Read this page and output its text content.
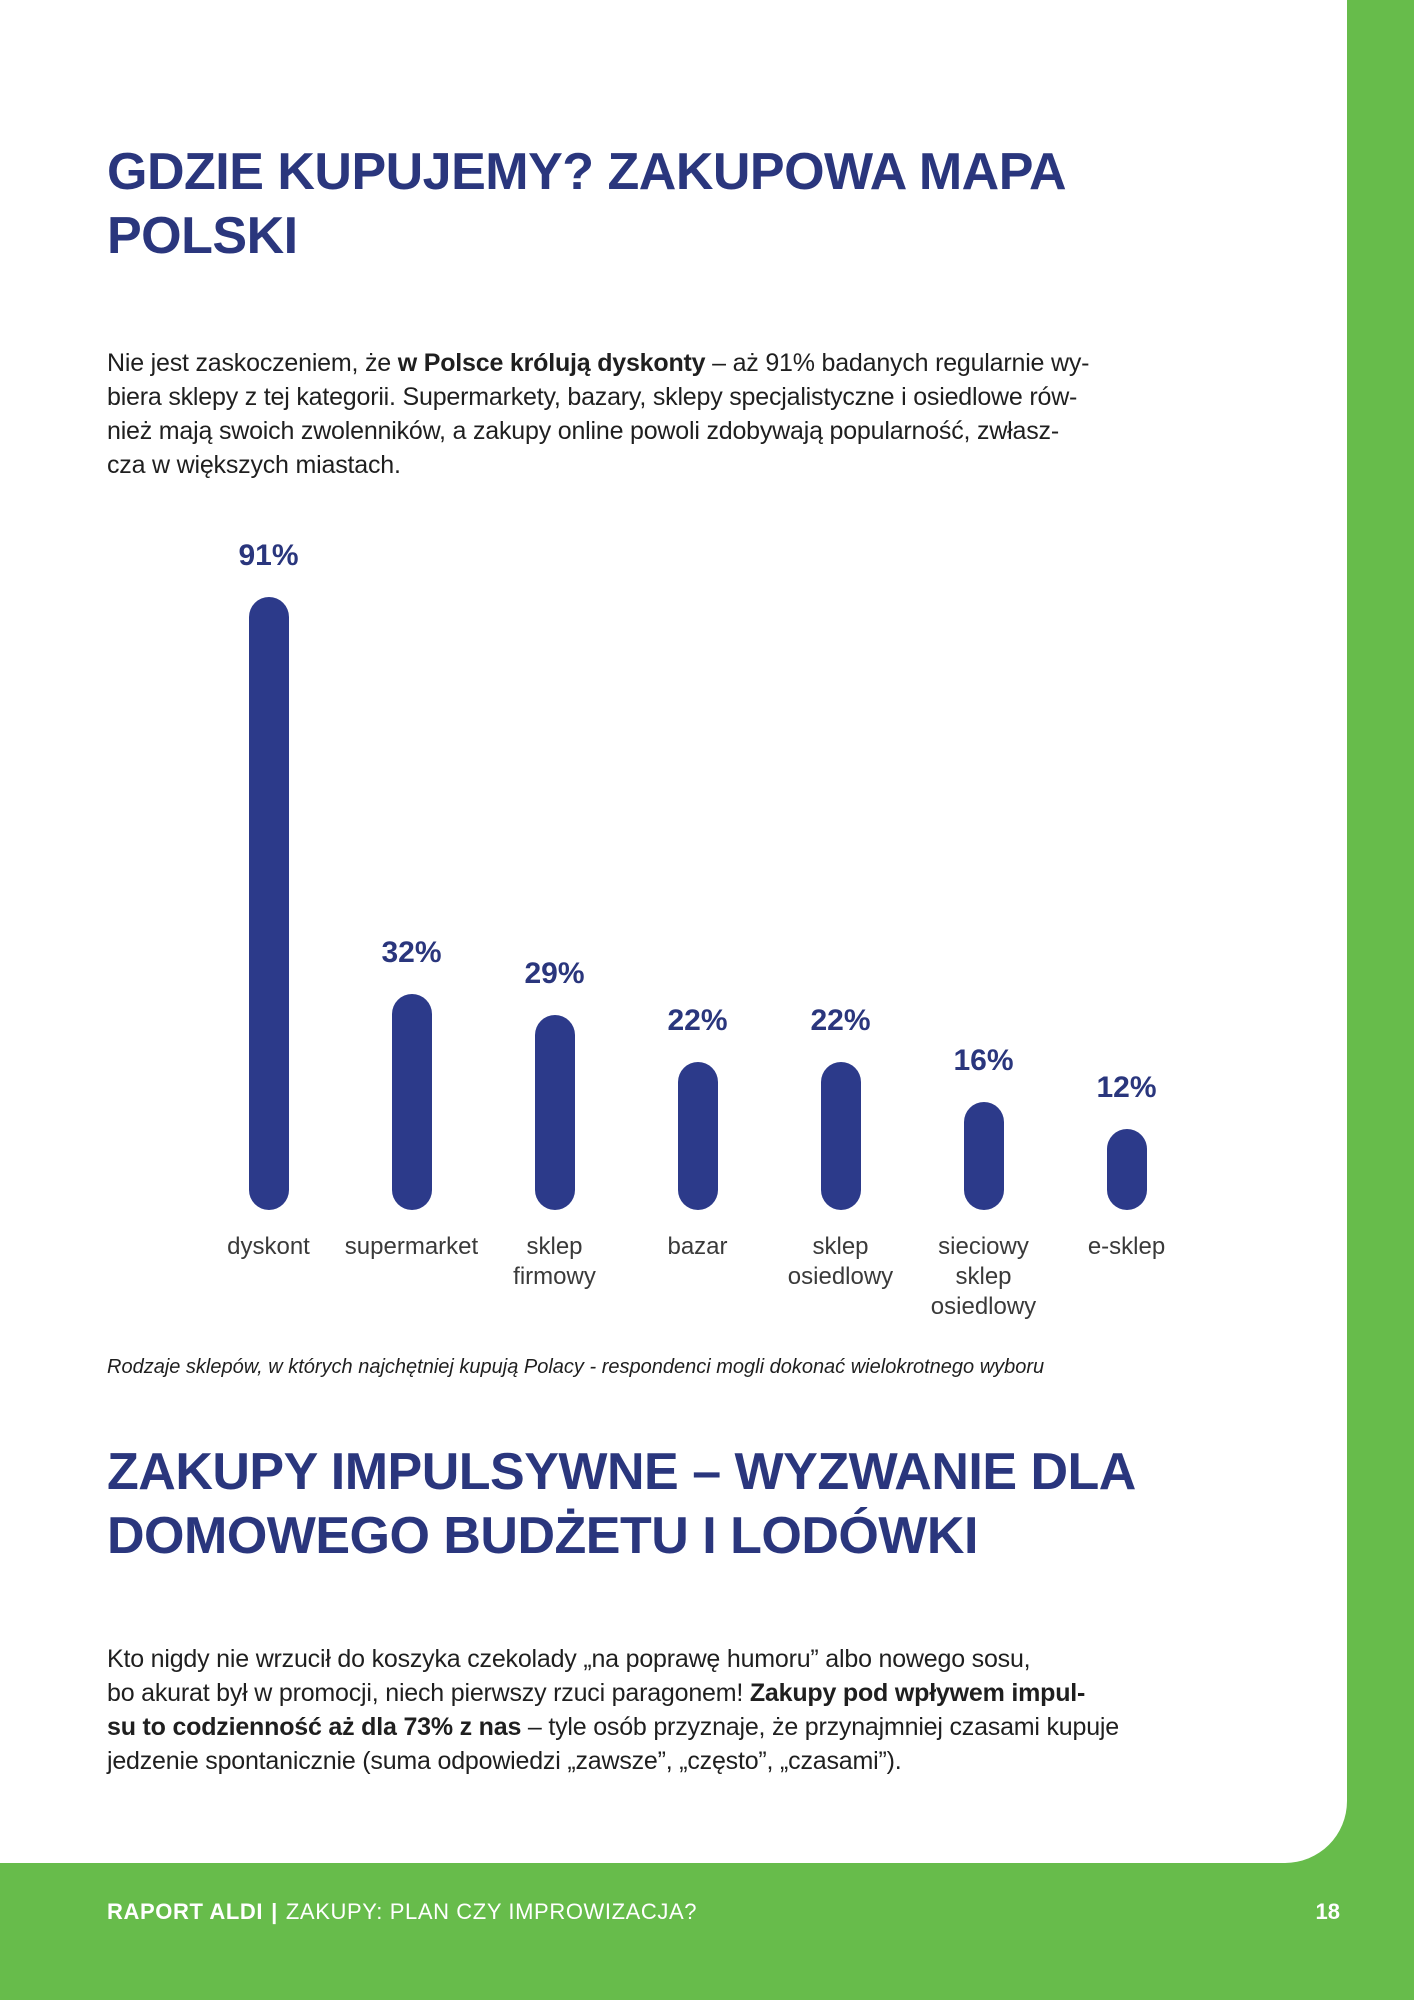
GDZIE KUPUJEMY? ZAKUPOWA MAPA
POLSKI

Nie jest zaskoczeniem, że w Polsce królują dyskonty – aż 91% badanych regularnie wy-
biera sklepy z tej kategorii. Supermarkety, bazary, sklepy specjalistyczne i osiedlowe rów-
nież mają swoich zwolenników, a zakupy online powoli zdobywają popularność, zwłasz-
cza w większych miastach.

91%
dyskont
32%
supermarket
29%
sklep firmowy
22%
bazar
22%
sklep osiedlowy
16%
sieciowy sklep osiedlowy
12%
e-sklep

Rodzaje sklepów, w których najchętniej kupują Polacy - respondenci mogli dokonać wielokrotnego wyboru

ZAKUPY IMPULSYWNE – WYZWANIE DLA
DOMOWEGO BUDŻETU I LODÓWKI

Kto nigdy nie wrzucił do koszyka czekolady „na poprawę humoru” albo nowego sosu,
bo akurat był w promocji, niech pierwszy rzuci paragonem! Zakupy pod wpływem impul-
su to codzienność aż dla 73% z nas – tyle osób przyznaje, że przynajmniej czasami kupuje
jedzenie spontanicznie (suma odpowiedzi „zawsze”, „często”, „czasami”).

RAPORT ALDI | ZAKUPY: PLAN CZY IMPROWIZACJA?	18
